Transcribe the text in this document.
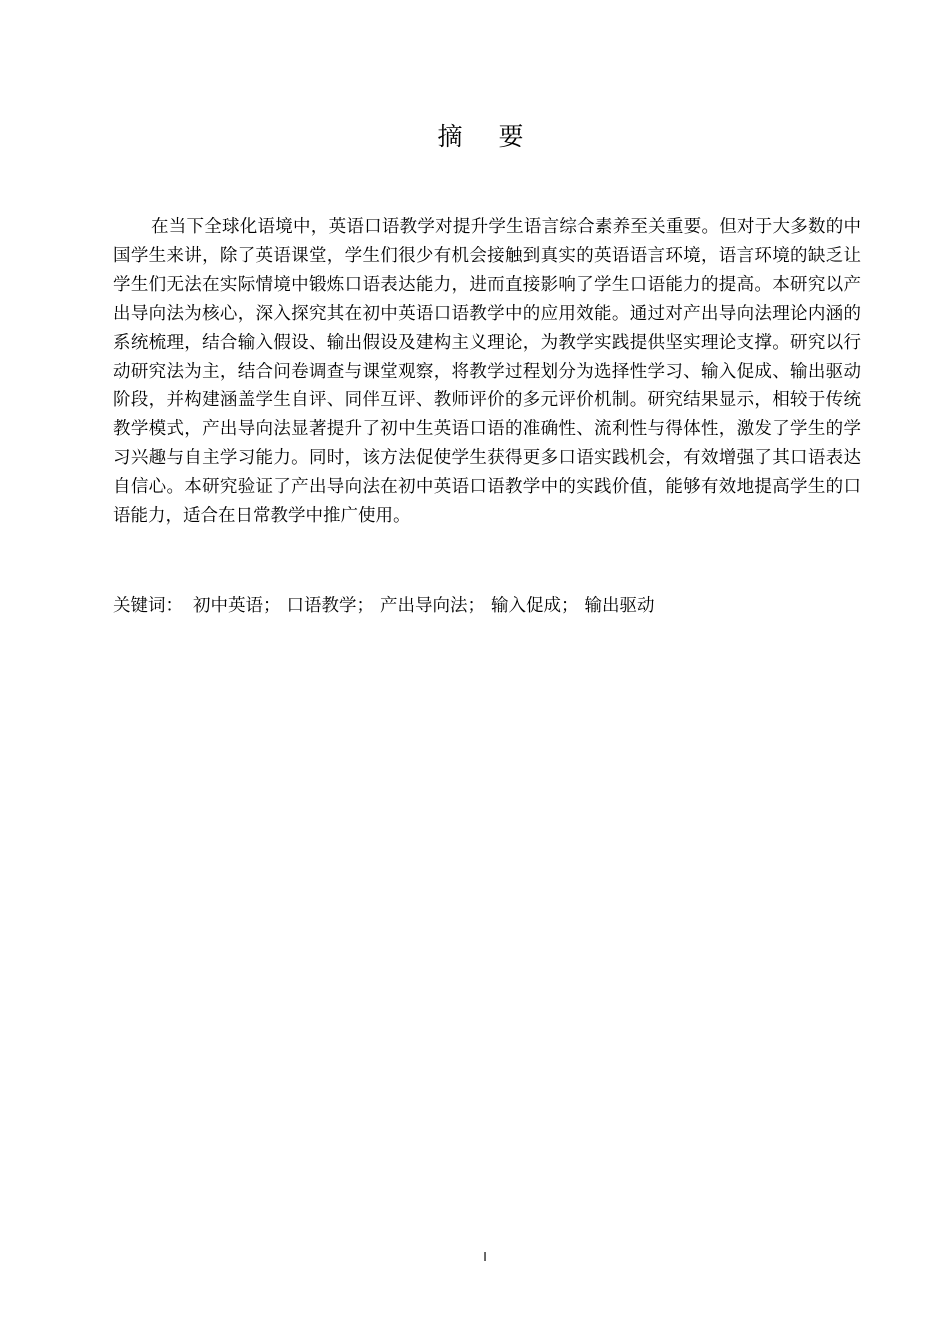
摘 要

在当下全球化语境中，英语口语教学对提升学生语言综合素养至关重要。但对于大多数的中国学生来讲，除了英语课堂，学生们很少有机会接触到真实的英语语言环境，语言环境的缺乏让学生们无法在实际情境中锻炼口语表达能力，进而直接影响了学生口语能力的提高。本研究以产出导向法为核心，深入探究其在初中英语口语教学中的应用效能。通过对产出导向法理论内涵的系统梳理，结合输入假设、输出假设及建构主义理论，为教学实践提供坚实理论支撑。研究以行动研究法为主，结合问卷调查与课堂观察，将教学过程划分为选择性学习、输入促成、输出驱动阶段，并构建涵盖学生自评、同伴互评、教师评价的多元评价机制。研究结果显示，相较于传统教学模式，产出导向法显著提升了初中生英语口语的准确性、流利性与得体性，激发了学生的学习兴趣与自主学习能力。同时，该方法促使学生获得更多口语实践机会，有效增强了其口语表达自信心。本研究验证了产出导向法在初中英语口语教学中的实践价值，能够有效地提高学生的口语能力，适合在日常教学中推广使用。

关键词： 初中英语； 口语教学； 产出导向法； 输入促成； 输出驱动
I
